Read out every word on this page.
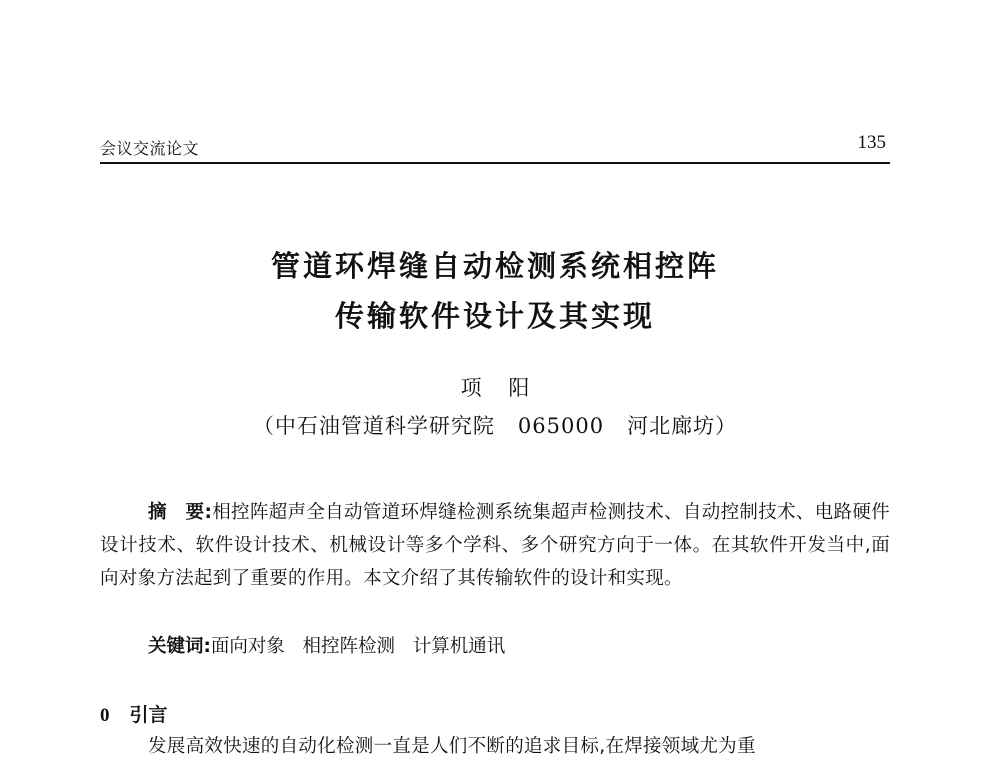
会议交流论文	135
管道环焊缝自动检测系统相控阵
传输软件设计及其实现
项 阳
（中石油管道科学研究院   065000   河北廊坊）
摘　要:相控阵超声全自动管道环焊缝检测系统集超声检测技术、自动控制技术、电路硬件设计技术、软件设计技术、机械设计等多个学科、多个研究方向于一体。在其软件开发当中,面向对象方法起到了重要的作用。本文介绍了其传输软件的设计和实现。
关键词:面向对象   相控阵检测   计算机通讯
0 引言
发展高效快速的自动化检测一直是人们不断的追求目标,在焊接领域尤为重
